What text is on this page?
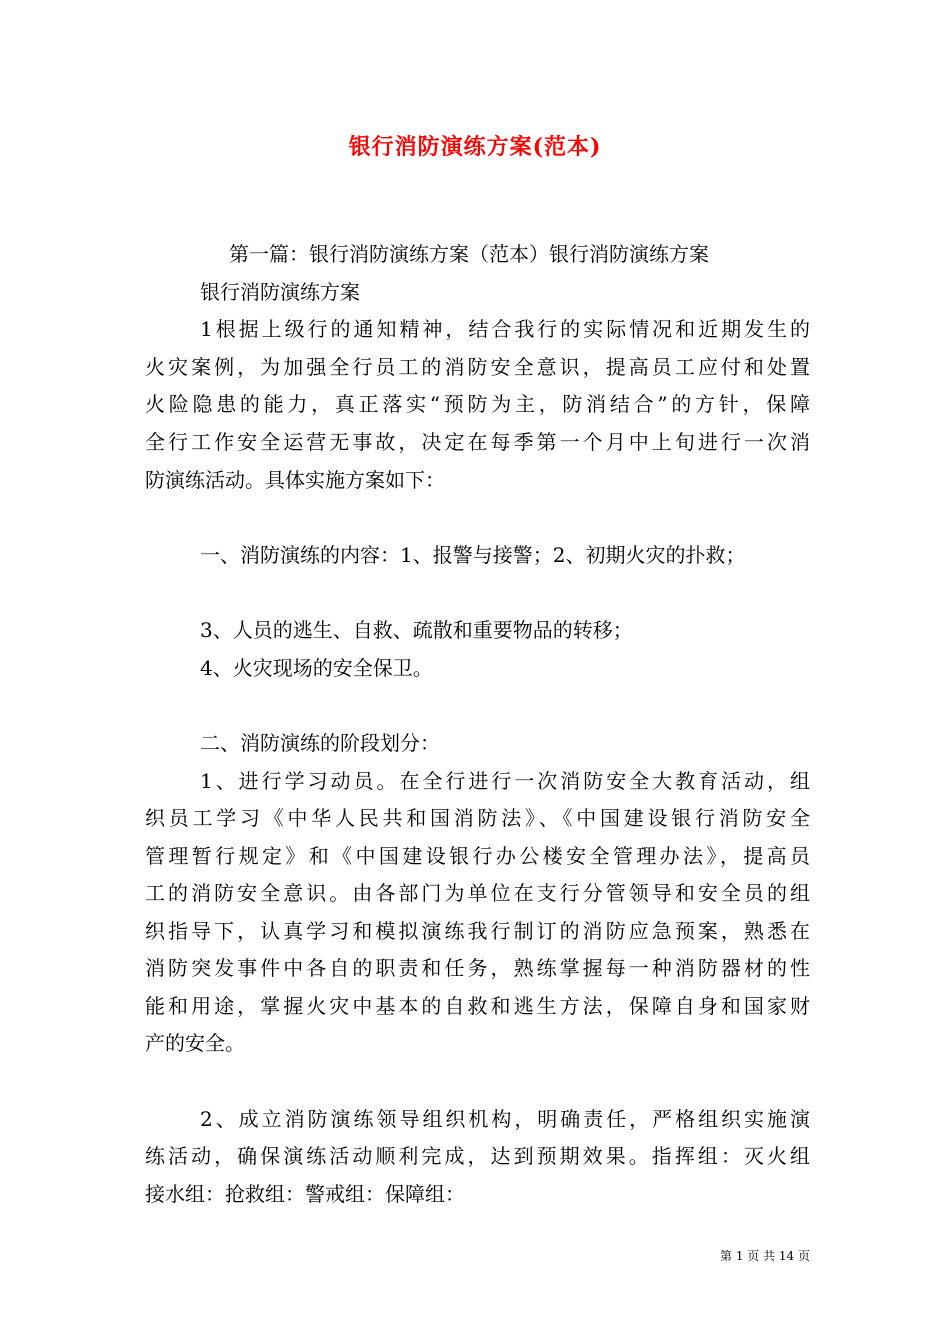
银行消防演练方案(范本)
第一篇：银行消防演练方案（范本）银行消防演练方案
银行消防演练方案
1根据上级行的通知精神，结合我行的实际情况和近期发生的
火灾案例，为加强全行员工的消防安全意识，提高员工应付和处置
火险隐患的能力，真正落实“预防为主，防消结合”的方针，保障
全行工作安全运营无事故，决定在每季第一个月中上旬进行一次消
防演练活动。具体实施方案如下：
一、消防演练的内容：1、报警与接警；2、初期火灾的扑救；
3、人员的逃生、自救、疏散和重要物品的转移；
4、火灾现场的安全保卫。
二、消防演练的阶段划分：
1、进行学习动员。在全行进行一次消防安全大教育活动，组
织员工学习《中华人民共和国消防法》、《中国建设银行消防安全
管理暂行规定》和《中国建设银行办公楼安全管理办法》，提高员
工的消防安全意识。由各部门为单位在支行分管领导和安全员的组
织指导下，认真学习和模拟演练我行制订的消防应急预案，熟悉在
消防突发事件中各自的职责和任务，熟练掌握每一种消防器材的性
能和用途，掌握火灾中基本的自救和逃生方法，保障自身和国家财
产的安全。
2、成立消防演练领导组织机构，明确责任，严格组织实施演
练活动，确保演练活动顺利完成，达到预期效果。指挥组：灭火组
接水组：抢救组：警戒组：保障组：
第 1 页 共 14 页
